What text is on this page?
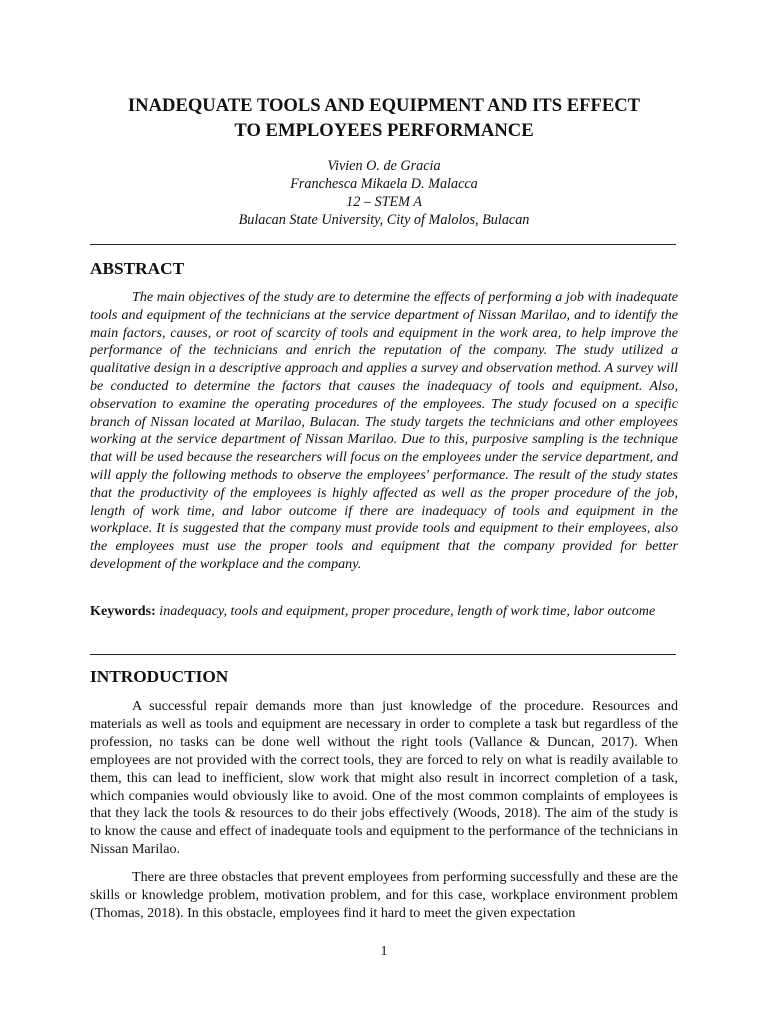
INADEQUATE TOOLS AND EQUIPMENT AND ITS EFFECT
TO EMPLOYEES PERFORMANCE
Vivien O. de Gracia
Franchesca Mikaela D. Malacca
12 – STEM A
Bulacan State University, City of Malolos, Bulacan
ABSTRACT

The main objectives of the study are to determine the effects of performing a job with inadequate tools and equipment of the technicians at the service department of Nissan Marilao, and to identify the main factors, causes, or root of scarcity of tools and equipment in the work area, to help improve the performance of the technicians and enrich the reputation of the company. The study utilized a qualitative design in a descriptive approach and applies a survey and observation method. A survey will be conducted to determine the factors that causes the inadequacy of tools and equipment. Also, observation to examine the operating procedures of the employees. The study focused on a specific branch of Nissan located at Marilao, Bulacan. The study targets the technicians and other employees working at the service department of Nissan Marilao. Due to this, purposive sampling is the technique that will be used because the researchers will focus on the employees under the service department, and will apply the following methods to observe the employees' performance. The result of the study states that the productivity of the employees is highly affected as well as the proper procedure of the job, length of work time, and labor outcome if there are inadequacy of tools and equipment in the workplace. It is suggested that the company must provide tools and equipment to their employees, also the employees must use the proper tools and equipment that the company provided for better development of the workplace and the company.

Keywords: inadequacy, tools and equipment, proper procedure, length of work time, labor outcome

INTRODUCTION

A successful repair demands more than just knowledge of the procedure. Resources and materials as well as tools and equipment are necessary in order to complete a task but regardless of the profession, no tasks can be done well without the right tools (Vallance & Duncan, 2017). When employees are not provided with the correct tools, they are forced to rely on what is readily available to them, this can lead to inefficient, slow work that might also result in incorrect completion of a task, which companies would obviously like to avoid. One of the most common complaints of employees is that they lack the tools & resources to do their jobs effectively (Woods, 2018). The aim of the study is to know the cause and effect of inadequate tools and equipment to the performance of the technicians in Nissan Marilao.

There are three obstacles that prevent employees from performing successfully and these are the skills or knowledge problem, motivation problem, and for this case, workplace environment problem (Thomas, 2018). In this obstacle, employees find it hard to meet the given expectation

1
